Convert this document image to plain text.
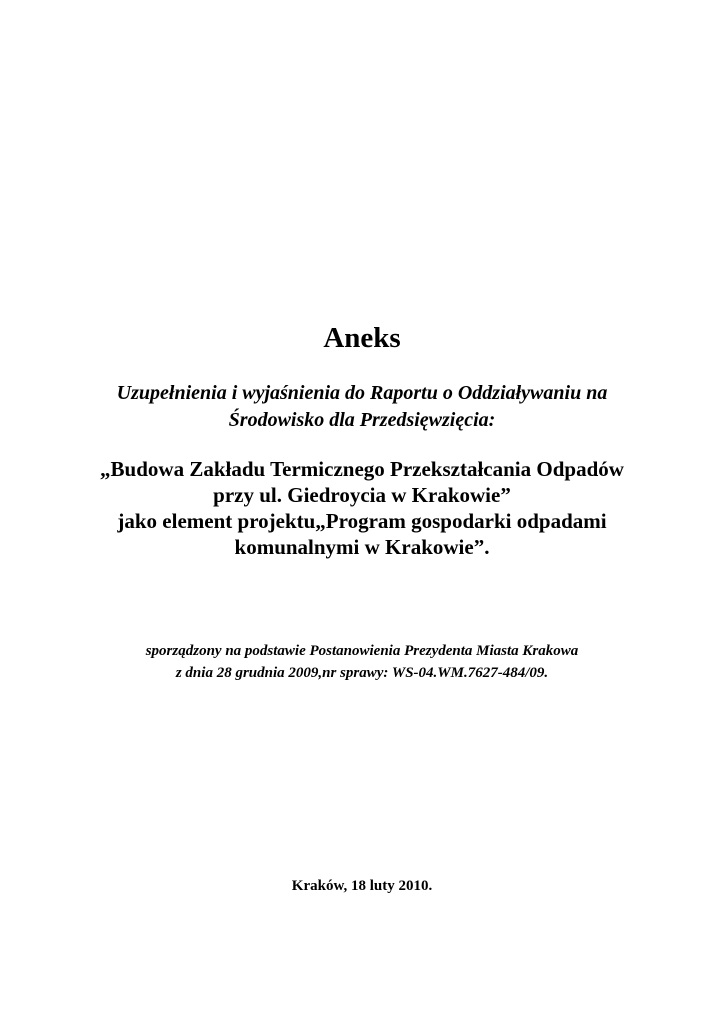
Aneks
Uzupełnienia i wyjaśnienia do Raportu o Oddziaływaniu na
Środowisko dla Przedsięwzięcia:
„Budowa Zakładu Termicznego Przekształcania Odpadów
przy ul. Giedroycia w Krakowie”
jako element projektu„Program gospodarki odpadami
komunalnymi w Krakowie”.
sporządzony na podstawie Postanowienia Prezydenta Miasta Krakowa
z dnia 28 grudnia 2009,nr sprawy: WS-04.WM.7627-484/09.
Kraków, 18 luty 2010.
